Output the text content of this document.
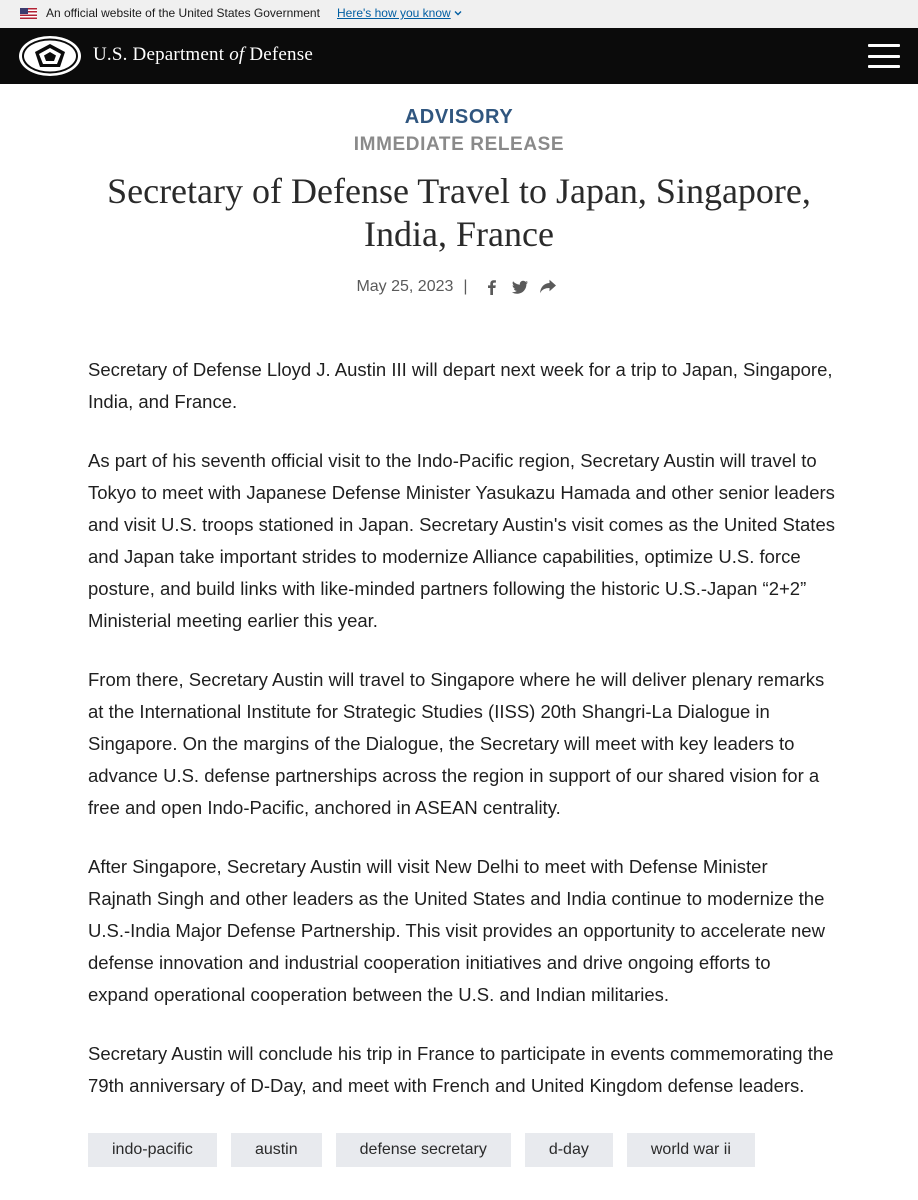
An official website of the United States Government Here's how you know
U.S. Department of Defense
ADVISORY
IMMEDIATE RELEASE
Secretary of Defense Travel to Japan, Singapore, India, France
May 25, 2023 |

Secretary of Defense Lloyd J. Austin III will depart next week for a trip to Japan, Singapore, India, and France.

As part of his seventh official visit to the Indo-Pacific region, Secretary Austin will travel to Tokyo to meet with Japanese Defense Minister Yasukazu Hamada and other senior leaders and visit U.S. troops stationed in Japan. Secretary Austin's visit comes as the United States and Japan take important strides to modernize Alliance capabilities, optimize U.S. force posture, and build links with like-minded partners following the historic U.S.-Japan “2+2” Ministerial meeting earlier this year.

From there, Secretary Austin will travel to Singapore where he will deliver plenary remarks at the International Institute for Strategic Studies (IISS) 20th Shangri-La Dialogue in Singapore. On the margins of the Dialogue, the Secretary will meet with key leaders to advance U.S. defense partnerships across the region in support of our shared vision for a free and open Indo-Pacific, anchored in ASEAN centrality.

After Singapore, Secretary Austin will visit New Delhi to meet with Defense Minister Rajnath Singh and other leaders as the United States and India continue to modernize the U.S.-India Major Defense Partnership. This visit provides an opportunity to accelerate new defense innovation and industrial cooperation initiatives and drive ongoing efforts to expand operational cooperation between the U.S. and Indian militaries.

Secretary Austin will conclude his trip in France to participate in events commemorating the 79th anniversary of D-Day, and meet with French and United Kingdom defense leaders.

indo-pacific	austin	defense secretary	d-day	world war ii
